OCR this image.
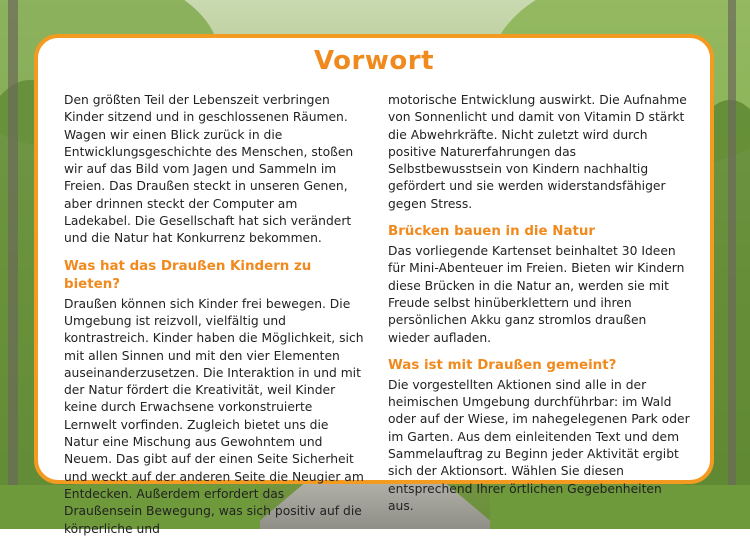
Vorwort

Den größten Teil der Lebenszeit verbringen Kinder sitzend und in geschlossenen Räumen. Wagen wir einen Blick zurück in die Entwicklungsgeschichte des Menschen, stoßen wir auf das Bild vom Jagen und Sammeln im Freien. Das Draußen steckt in unseren Genen, aber drinnen steckt der Computer am Ladekabel. Die Gesellschaft hat sich verändert und die Natur hat Konkurrenz bekommen.

Was hat das Draußen Kindern zu bieten?

Draußen können sich Kinder frei bewegen. Die Umgebung ist reizvoll, vielfältig und kontrastreich. Kinder haben die Möglichkeit, sich mit allen Sinnen und mit den vier Elementen auseinanderzusetzen. Die Interaktion in und mit der Natur fördert die Kreativität, weil Kinder keine durch Erwachsene vorkonstruierte Lernwelt vorfinden. Zugleich bietet uns die Natur eine Mischung aus Gewohntem und Neuem. Das gibt auf der einen Seite Sicherheit und weckt auf der anderen Seite die Neugier am Entdecken. Außerdem erfordert das Draußensein Bewegung, was sich positiv auf die körperliche und

motorische Entwicklung auswirkt. Die Aufnahme von Sonnenlicht und damit von Vitamin D stärkt die Abwehrkräfte. Nicht zuletzt wird durch positive Naturerfahrungen das Selbstbewusstsein von Kindern nachhaltig gefördert und sie werden widerstandsfähiger gegen Stress.

Brücken bauen in die Natur

Das vorliegende Kartenset beinhaltet 30 Ideen für Mini-Abenteuer im Freien. Bieten wir Kindern diese Brücken in die Natur an, werden sie mit Freude selbst hinüberklettern und ihren persönlichen Akku ganz stromlos draußen wieder aufladen.

Was ist mit Draußen gemeint?

Die vorgestellten Aktionen sind alle in der heimischen Umgebung durchführbar: im Wald oder auf der Wiese, im nahegelegenen Park oder im Garten. Aus dem einleitenden Text und dem Sammelauftrag zu Beginn jeder Aktivität ergibt sich der Aktionsort. Wählen Sie diesen entsprechend Ihrer örtlichen Gegebenheiten aus.
